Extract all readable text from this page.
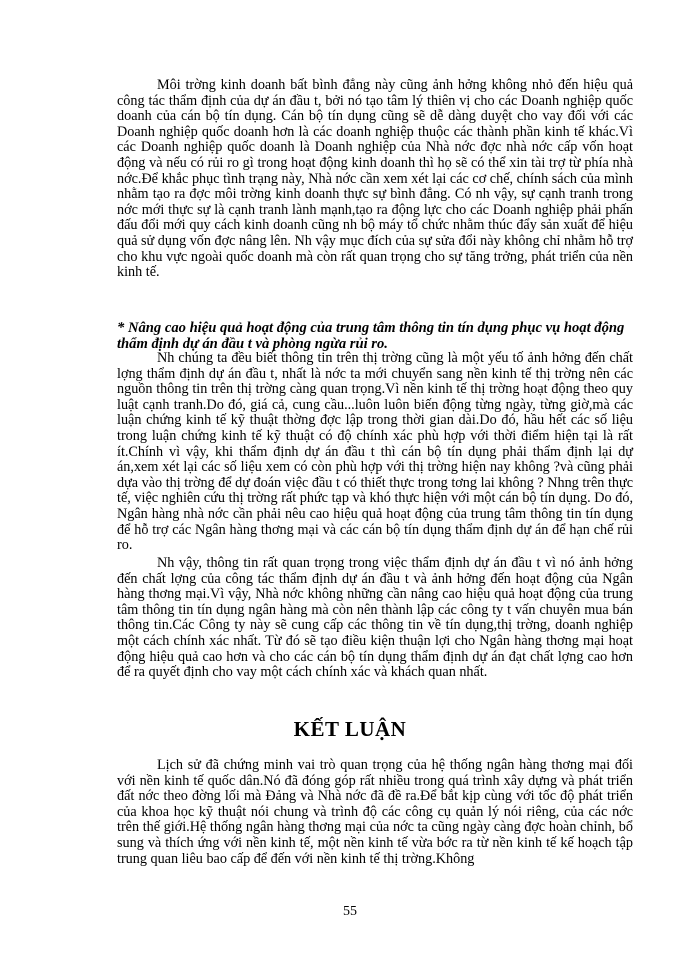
Môi trờng kinh doanh bất bình đẳng này cũng ảnh hởng không nhỏ đến hiệu quả công tác thẩm định của dự án đầu t, bởi nó tạo tâm lý thiên vị cho các Doanh nghiệp quốc doanh của cán bộ tín dụng. Cán bộ tín dụng cũng sẽ dễ dàng duyệt cho vay đối với các Doanh nghiệp quốc doanh hơn là các doanh nghiệp thuộc các thành phần kinh tế khác.Vì các Doanh nghiệp quốc doanh là Doanh nghiệp của Nhà nớc đợc nhà nớc cấp vốn hoạt động và nếu có rủi ro gì trong hoạt động kinh doanh thì họ sẽ có thể xin tài trợ từ phía nhà nớc.Để khắc phục tình trạng này, Nhà nớc cần xem xét lại các cơ chế, chính sách của mình nhằm tạo ra đợc môi trờng kinh doanh thực sự bình đẳng. Có nh vậy, sự cạnh tranh trong nớc mới thực sự là cạnh tranh lành mạnh,tạo ra động lực cho các Doanh nghiệp phải phấn đấu đổi mới quy cách kinh doanh cũng nh bộ máy tổ chức nhằm thúc đẩy sản xuất để hiệu quả sử dụng vốn đợc nâng lên. Nh vậy mục đích của sự sửa đổi này không chỉ nhằm hỗ trợ cho khu vực ngoài quốc doanh mà còn rất quan trọng cho sự tăng trởng, phát triển của nền kinh tế.

* Nâng cao hiệu quả hoạt động của trung tâm thông tin tín dụng phục vụ hoạt động thẩm định dự án đầu t và phòng ngừa rủi ro.

Nh chúng ta đều biết thông tin trên thị trờng cũng là một yếu tố ảnh hởng đến chất lợng thẩm định dự án đầu t, nhất là nớc ta mới chuyển sang nền kinh tế thị trờng nên các nguồn thông tin trên thị trờng càng quan trọng.Vì nền kinh tế thị trờng hoạt động theo quy luật cạnh tranh.Do đó, giá cả, cung cầu...luôn luôn biến động từng ngày, từng giờ,mà các luận chứng kinh tế kỹ thuật thờng đợc lập trong thời gian dài.Do đó, hầu hết các số liệu trong luận chứng kinh tế kỹ thuật có độ chính xác phù hợp với thời điểm hiện tại là rất ít.Chính vì vậy, khi thẩm định dự án đầu t thì cán bộ tín dụng phải thẩm định lại dự án,xem xét lại các số liệu xem có còn phù hợp với thị trờng hiện nay không ?và cũng phải dựa vào thị trờng để dự đoán việc đầu t có thiết thực trong tơng lai không ? Nhng trên thực tế, việc nghiên cứu thị trờng rất phức tạp và khó thực hiện với một cán bộ tín dụng. Do đó, Ngân hàng nhà nớc cần phải nêu cao hiệu quả hoạt động của trung tâm thông tin tín dụng để hỗ trợ các Ngân hàng thơng mại và các cán bộ tín dụng thẩm định dự án để hạn chế rủi ro.

Nh vậy, thông tin rất quan trọng trong việc thẩm định dự án đầu t vì nó ảnh hởng đến chất lợng của công tác thẩm định dự án đầu t và ảnh hởng đến hoạt động của Ngân hàng thơng mại.Vì vậy, Nhà nớc không những cần nâng cao hiệu quả hoạt động của trung tâm thông tin tín dụng ngân hàng mà còn nên thành lập các công ty t vấn chuyên mua bán thông tin.Các Công ty này sẽ cung cấp các thông tin về tín dụng,thị trờng, doanh nghiệp một cách chính xác nhất. Từ đó sẽ tạo điều kiện thuận lợi cho Ngân hàng thơng mại hoạt động hiệu quả cao hơn và cho các cán bộ tín dụng thẩm định dự án đạt chất lợng cao hơn để ra quyết định cho vay một cách chính xác và khách quan nhất.

KẾT LUẬN

Lịch sử đã chứng minh vai trò quan trọng của hệ thống ngân hàng thơng mại đối với nền kinh tế quốc dân.Nó đã đóng góp rất nhiều trong quá trình xây dựng và phát triển đất nớc theo đờng lối mà Đảng và Nhà nớc đã đề ra.Để bắt kịp cùng với tốc độ phát triển của khoa học kỹ thuật nói chung và trình độ các công cụ quản lý nói riêng, của các nớc trên thế giới.Hệ thống ngân hàng thơng mại của nớc ta cũng ngày càng đợc hoàn chỉnh, bổ sung và thích ứng với nền kinh tế, một nền kinh tế vừa bớc ra từ nền kinh tế kế hoạch tập trung quan liêu bao cấp để đến với nền kinh tế thị trờng.Không

55
